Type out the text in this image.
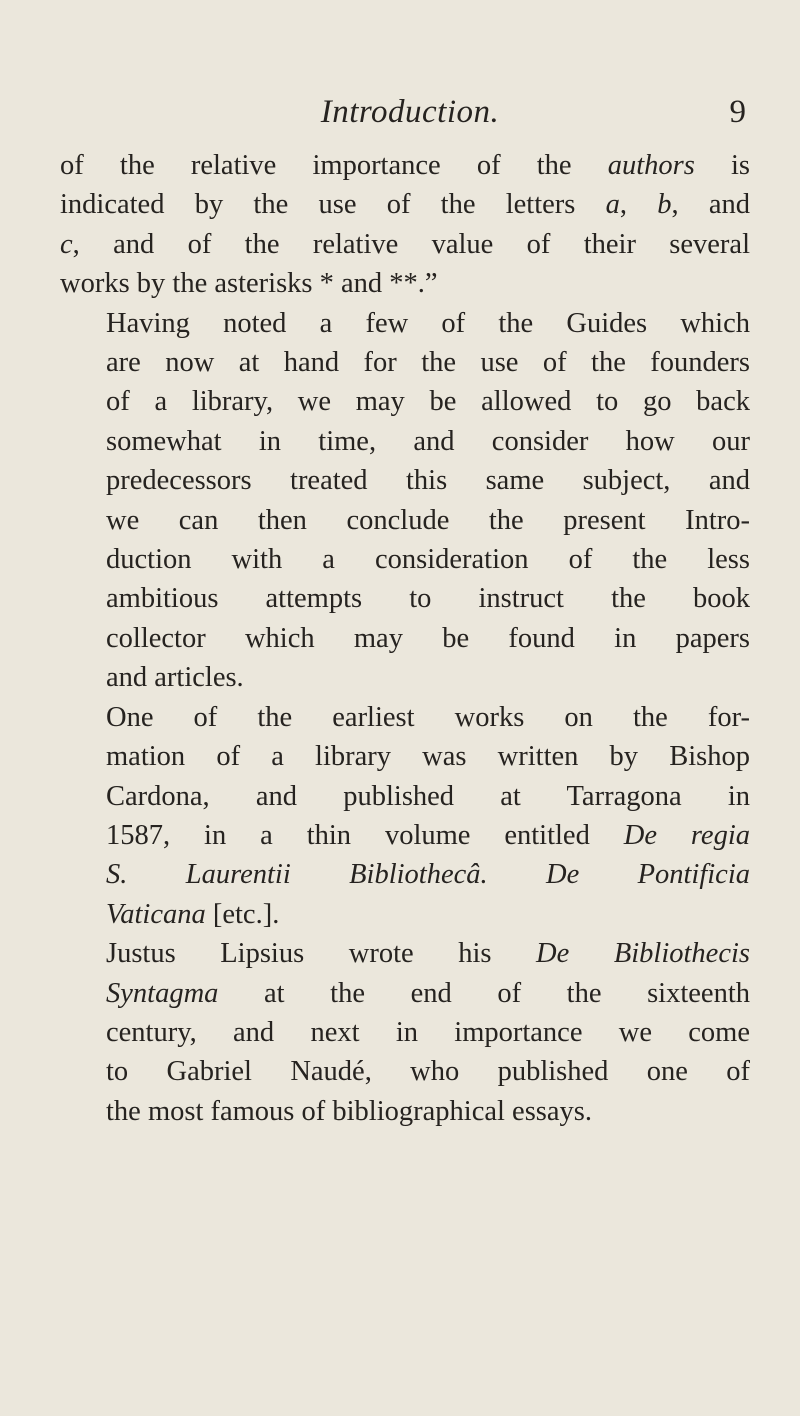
Introduction.	9
of the relative importance of the authors is
indicated by the use of the letters a, b, and
c, and of the relative value of their several
works by the asterisks * and **.”
Having noted a few of the Guides which
are now at hand for the use of the founders
of a library, we may be allowed to go back
somewhat in time, and consider how our
predecessors treated this same subject, and
we can then conclude the present Intro-
duction with a consideration of the less
ambitious attempts to instruct the book
collector which may be found in papers
and articles.
One of the earliest works on the for-
mation of a library was written by Bishop
Cardona, and published at Tarragona in
1587, in a thin volume entitled De regia
S. Laurentii Bibliothecâ. De Pontificia
Vaticana [etc.].
Justus Lipsius wrote his De Bibliothecis
Syntagma at the end of the sixteenth
century, and next in importance we come
to Gabriel Naudé, who published one of
the most famous of bibliographical essays.
